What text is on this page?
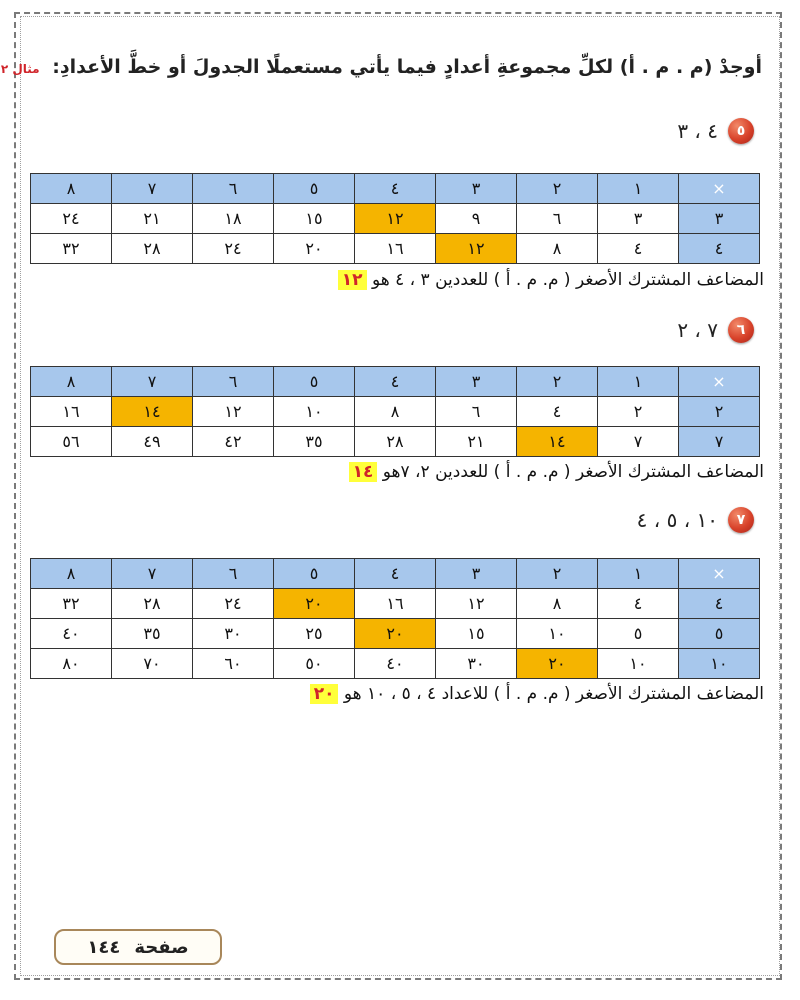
أوجدْ (م . م . أ) لكلِّ مجموعةِ أعدادٍ فيما يأتي مستعملًا الجدولَ أو خطَّ الأعدادِ: مثال ٢
٥
٤ ، ٣
×	١	٢	٣	٤	٥	٦	٧	٨
٣	٣	٦	٩	١٢	١٥	١٨	٢١	٢٤
٤	٤	٨	١٢	١٦	٢٠	٢٤	٢٨	٣٢
المضاعف المشترك الأصغر ( م. م . أ ) للعددين ٣ ، ٤ هو ١٢
٦
٧ ، ٢
×	١	٢	٣	٤	٥	٦	٧	٨
٢	٢	٤	٦	٨	١٠	١٢	١٤	١٦
٧	٧	١٤	٢١	٢٨	٣٥	٤٢	٤٩	٥٦
المضاعف المشترك الأصغر ( م. م . أ ) للعددين ٢، ٧هو ١٤
٧
١٠ ، ٥ ، ٤
×	١	٢	٣	٤	٥	٦	٧	٨
٤	٤	٨	١٢	١٦	٢٠	٢٤	٢٨	٣٢
٥	٥	١٠	١٥	٢٠	٢٥	٣٠	٣٥	٤٠
١٠	١٠	٢٠	٣٠	٤٠	٥٠	٦٠	٧٠	٨٠
المضاعف المشترك الأصغر ( م. م . أ ) للاعداد ٤ ، ٥ ، ١٠ هو ٢٠
صفحة
١٤٤
